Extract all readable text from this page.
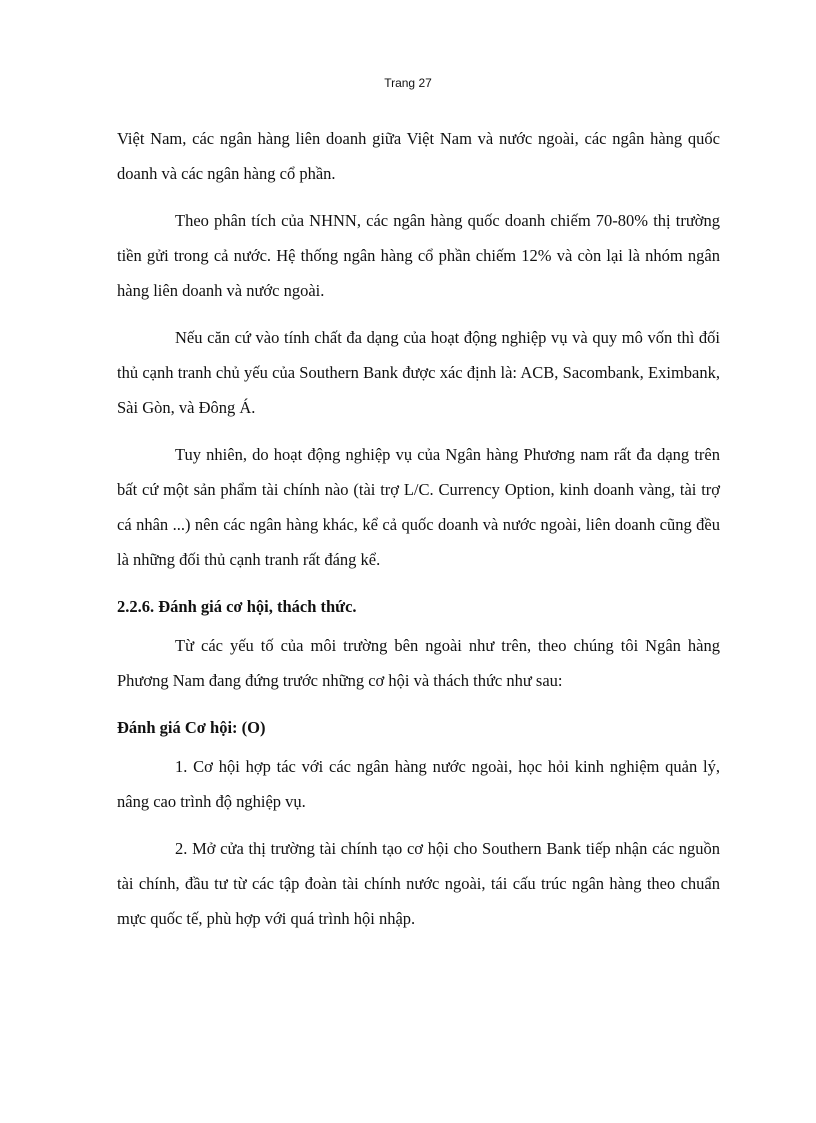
Trang 27

Việt Nam, các ngân hàng liên doanh giữa Việt Nam và nước ngoài, các ngân hàng quốc doanh và các ngân hàng cổ phần.

Theo phân tích của NHNN, các ngân hàng quốc doanh chiếm 70-80% thị trường tiền gửi trong cả nước. Hệ thống ngân hàng cổ phần chiếm 12% và còn lại là nhóm ngân hàng liên doanh và nước ngoài.

Nếu căn cứ vào tính chất đa dạng của hoạt động nghiệp vụ và quy mô vốn thì đối thủ cạnh tranh chủ yếu của Southern Bank được xác định là: ACB, Sacombank, Eximbank, Sài Gòn, và Đông Á.

Tuy nhiên, do hoạt động nghiệp vụ của Ngân hàng Phương nam rất đa dạng trên bất cứ một sản phẩm tài chính nào (tài trợ L/C. Currency Option, kinh doanh vàng, tài trợ cá nhân ...) nên các ngân hàng khác, kể cả quốc doanh và nước ngoài, liên doanh cũng đều là những đối thủ cạnh tranh rất đáng kể.

2.2.6. Đánh giá cơ hội, thách thức.

Từ các yếu tố của môi trường bên ngoài như trên, theo chúng tôi Ngân hàng Phương Nam đang đứng trước những cơ hội và thách thức như sau:

Đánh giá Cơ hội: (O)

1. Cơ hội hợp tác với các ngân hàng nước ngoài, học hỏi kinh nghiệm quản lý, nâng cao trình độ nghiệp vụ.

2. Mở cửa thị trường tài chính tạo cơ hội cho Southern Bank tiếp nhận các nguồn tài chính, đầu tư từ các tập đoàn tài chính nước ngoài, tái cấu trúc ngân hàng theo chuẩn mực quốc tế, phù hợp với quá trình hội nhập.
